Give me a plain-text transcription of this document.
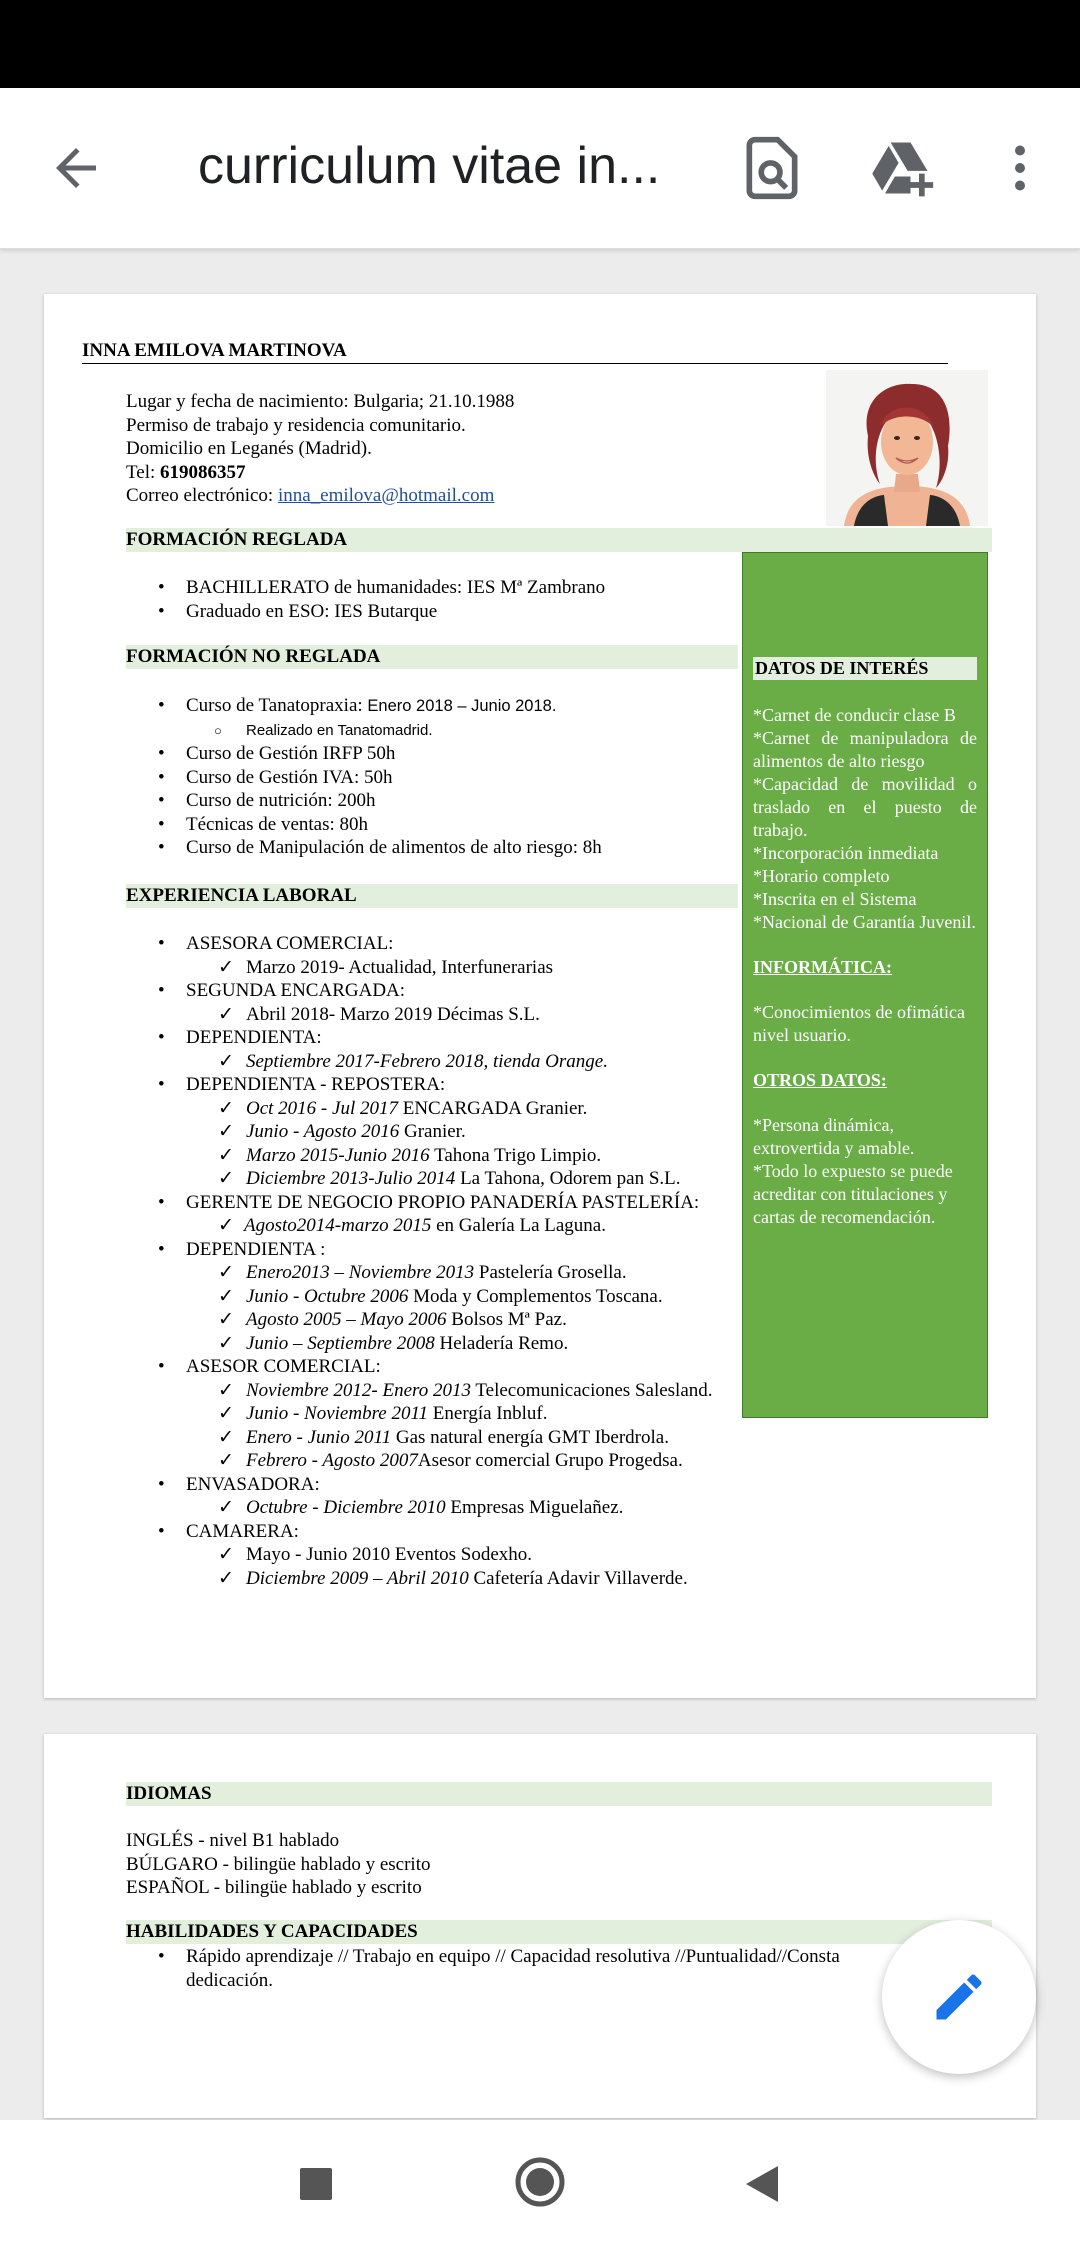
curriculum vitae in...
INNA EMILOVA MARTINOVA
Lugar y fecha de nacimiento: Bulgaria; 21.10.1988
Permiso de trabajo y residencia comunitario.
Domicilio en Leganés (Madrid).
Tel: 619086357
Correo electrónico: inna_emilova@hotmail.com
FORMACIÓN REGLADA
• BACHILLERATO de humanidades: IES Mª Zambrano
• Graduado en ESO: IES Butarque
FORMACIÓN NO REGLADA
• Curso de Tanatopraxia: Enero 2018 – Junio 2018.
○ Realizado en Tanatomadrid.
• Curso de Gestión IRFP 50h
• Curso de Gestión IVA: 50h
• Curso de nutrición: 200h
• Técnicas de ventas: 80h
• Curso de Manipulación de alimentos de alto riesgo: 8h
EXPERIENCIA LABORAL
• ASESORA COMERCIAL:
✓ Marzo 2019- Actualidad, Interfunerarias
• SEGUNDA ENCARGADA:
✓ Abril 2018- Marzo 2019 Décimas S.L.
• DEPENDIENTA:
✓ Septiembre 2017-Febrero 2018, tienda Orange.
• DEPENDIENTA - REPOSTERA:
✓ Oct 2016 - Jul 2017 ENCARGADA Granier.
✓ Junio - Agosto 2016 Granier.
✓ Marzo 2015-Junio 2016 Tahona Trigo Limpio.
✓ Diciembre 2013-Julio 2014 La Tahona, Odorem pan S.L.
• GERENTE DE NEGOCIO PROPIO PANADERÍA PASTELERÍA:
✓ Agosto2014-marzo 2015 en Galería La Laguna.
• DEPENDIENTA :
✓ Enero2013 – Noviembre 2013 Pastelería Grosella.
✓ Junio - Octubre 2006 Moda y Complementos Toscana.
✓ Agosto 2005 – Mayo 2006 Bolsos Mª Paz.
✓ Junio – Septiembre 2008 Heladería Remo.
• ASESOR COMERCIAL:
✓ Noviembre 2012- Enero 2013 Telecomunicaciones Salesland.
✓ Junio - Noviembre 2011 Energía Inbluf.
✓ Enero - Junio 2011 Gas natural energía GMT Iberdrola.
✓ Febrero - Agosto 2007Asesor comercial Grupo Progedsa.
• ENVASADORA:
✓ Octubre - Diciembre 2010 Empresas Miguelañez.
• CAMARERA:
✓ Mayo - Junio 2010 Eventos Sodexho.
✓ Diciembre 2009 – Abril 2010 Cafetería Adavir Villaverde.
DATOS DE INTERÉS
*Carnet de conducir clase B
*Carnet de manipuladora de alimentos de alto riesgo
*Capacidad de movilidad o traslado en el puesto de trabajo.
*Incorporación inmediata
*Horario completo
*Inscrita en el Sistema
*Nacional de Garantía Juvenil.
INFORMÁTICA:
*Conocimientos de ofimática nivel usuario.
OTROS DATOS:
*Persona dinámica, extrovertida y amable.
*Todo lo expuesto se puede acreditar con titulaciones y cartas de recomendación.
IDIOMAS
INGLÉS - nivel B1 hablado
BÚLGARO - bilingüe hablado y escrito
ESPAÑOL - bilingüe hablado y escrito
HABILIDADES Y CAPACIDADES
• Rápido aprendizaje // Trabajo en equipo // Capacidad resolutiva //Puntualidad//Consta
dedicación.
